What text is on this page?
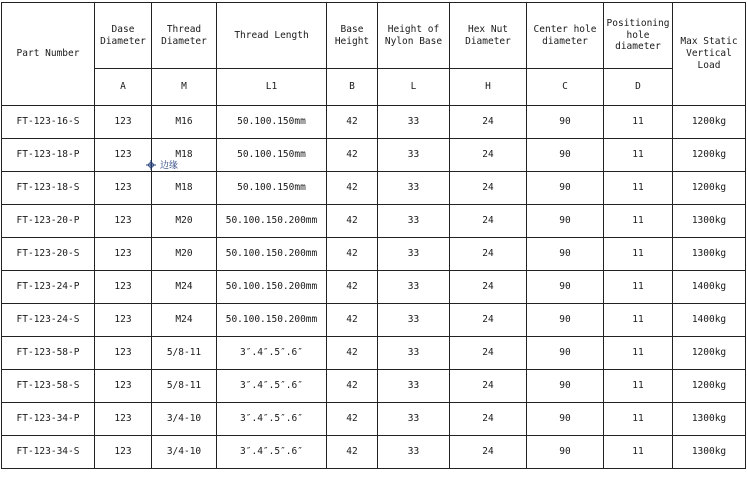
Part Number	Dase Diameter	Thread Diameter	Thread Length	Base Height	Height of Nylon Base	Hex Nut Diameter	Center hole diameter	Positioning hole diameter	Max Static Vertical Load
	A	M	L1	B	L	H	C	D	
FT-123-16-S	123	M16	50.100.150mm	42	33	24	90	11	1200kg
FT-123-18-P	123	M18	50.100.150mm	42	33	24	90	11	1200kg
FT-123-18-S	123	M18	50.100.150mm	42	33	24	90	11	1200kg
FT-123-20-P	123	M20	50.100.150.200mm	42	33	24	90	11	1300kg
FT-123-20-S	123	M20	50.100.150.200mm	42	33	24	90	11	1300kg
FT-123-24-P	123	M24	50.100.150.200mm	42	33	24	90	11	1400kg
FT-123-24-S	123	M24	50.100.150.200mm	42	33	24	90	11	1400kg
FT-123-58-P	123	5/8-11	3″.4″.5″.6″	42	33	24	90	11	1200kg
FT-123-58-S	123	5/8-11	3″.4″.5″.6″	42	33	24	90	11	1200kg
FT-123-34-P	123	3/4-10	3″.4″.5″.6″	42	33	24	90	11	1300kg
FT-123-34-S	123	3/4-10	3″.4″.5″.6″	42	33	24	90	11	1300kg
边缘
